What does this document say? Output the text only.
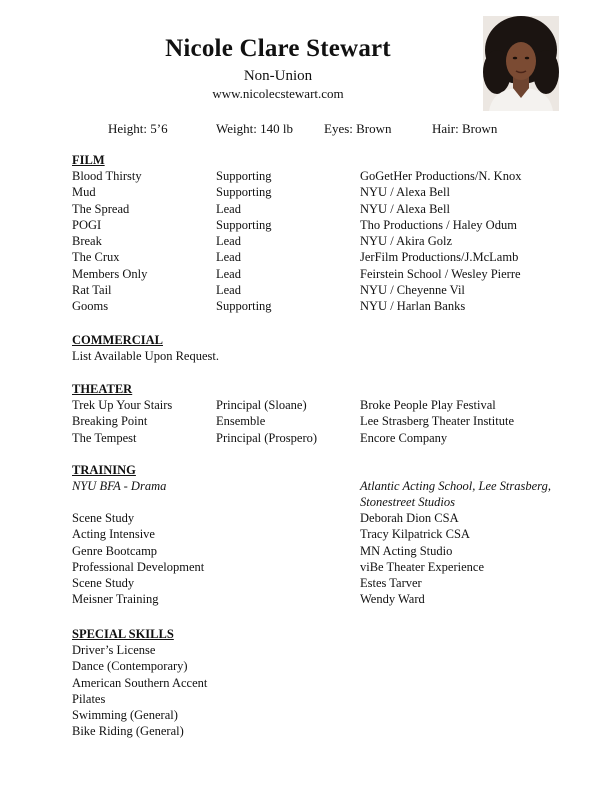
Nicole Clare Stewart
Non-Union
www.nicolecstewart.com
Height: 5’6	Weight: 140 lb Eyes: Brown	Hair: Brown
FILM
Blood Thirsty	Supporting	GoGetHer Productions/N. Knox
Mud	Supporting	NYU / Alexa Bell
The Spread	Lead	NYU / Alexa Bell
POGI	Supporting	Tho Productions / Haley Odum
Break	Lead	NYU / Akira Golz
The Crux	Lead	JerFilm Productions/J.McLamb
Members Only	Lead	Feirstein School / Wesley Pierre
Rat Tail	Lead	NYU / Cheyenne Vil
Gooms	Supporting	NYU / Harlan Banks
COMMERCIAL
List Available Upon Request.
THEATER
Trek Up Your Stairs	Principal (Sloane)	Broke People Play Festival
Breaking Point	Ensemble	Lee Strasberg Theater Institute
The Tempest	Principal (Prospero)	Encore Company
TRAINING
NYU BFA - Drama	Atlantic Acting School, Lee Strasberg, Stonestreet Studios
Scene Study	Deborah Dion CSA
Acting Intensive	Tracy Kilpatrick CSA
Genre Bootcamp	MN Acting Studio
Professional Development	viBe Theater Experience
Scene Study	Estes Tarver
Meisner Training	Wendy Ward
SPECIAL SKILLS
Driver’s License
Dance (Contemporary)
American Southern Accent
Pilates
Swimming (General)
Bike Riding (General)
